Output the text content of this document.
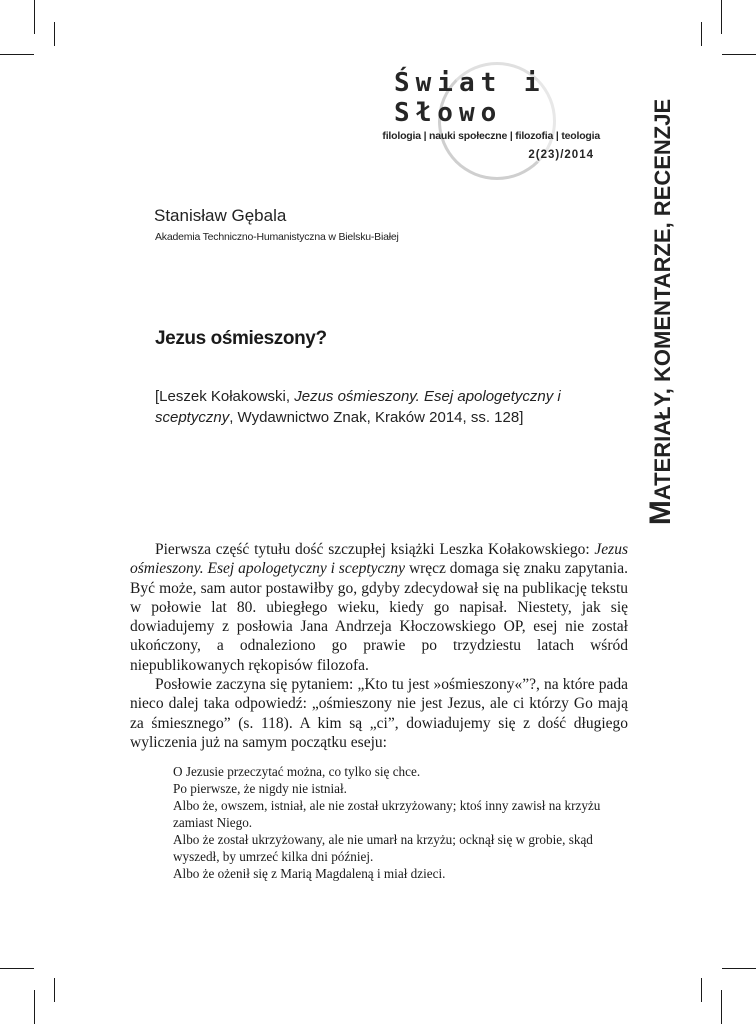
Świat i Słowo
filologia | nauki społeczne | filozofia | teologia
2(23)/2014
MATERIAŁY, KOMENTARZE, RECENZJE
Stanisław Gębala
Akademia Techniczno-Humanistyczna w Bielsku-Białej
Jezus ośmieszony?
[Leszek Kołakowski, Jezus ośmieszony. Esej apologetyczny i sceptyczny, Wydawnictwo Znak, Kraków 2014, ss. 128]

Pierwsza część tytułu dość szczupłej książki Leszka Kołakowskiego: Jezus ośmieszony. Esej apologetyczny i sceptyczny wręcz domaga się znaku zapytania. Być może, sam autor postawiłby go, gdyby zdecydował się na publikację tekstu w połowie lat 80. ubiegłego wieku, kiedy go napisał. Niestety, jak się dowiadujemy z posłowia Jana Andrzeja Kłoczowskiego OP, esej nie został ukończony, a odnaleziono go prawie po trzydziestu latach wśród niepublikowanych rękopisów filozofa.

Posłowie zaczyna się pytaniem: „Kto tu jest »ośmieszony«”?, na które pada nieco dalej taka odpowiedź: „ośmieszony nie jest Jezus, ale ci którzy Go mają za śmiesznego” (s. 118). A kim są „ci”, dowiadujemy się z dość długiego wyliczenia już na samym początku eseju:

O Jezusie przeczytać można, co tylko się chce.
Po pierwsze, że nigdy nie istniał.
Albo że, owszem, istniał, ale nie został ukrzyżowany; ktoś inny zawisł na krzyżu zamiast Niego.
Albo że został ukrzyżowany, ale nie umarł na krzyżu; ocknął się w grobie, skąd wyszedł, by umrzeć kilka dni później.
Albo że ożenił się z Marią Magdaleną i miał dzieci.
